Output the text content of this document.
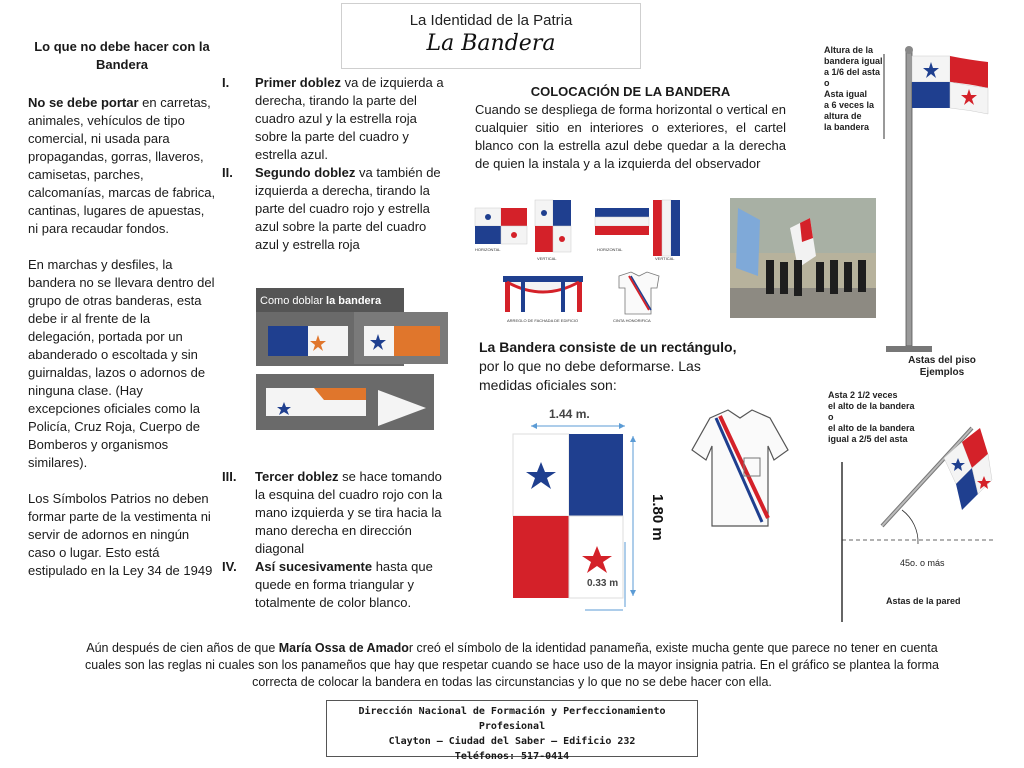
La Identidad de la Patria
La Bandera
Lo que no debe hacer con la Bandera

No se debe portar en carretas, animales, vehículos de tipo comercial, ni usada para propagandas, gorras, llaveros, camisetas, parches, calcomanías, marcas de fabrica, cantinas, lugares de apuestas, ni para recaudar fondos.

En marchas y desfiles, la bandera no se llevara dentro del grupo de otras banderas, esta debe ir al frente de la delegación, portada por un abanderado o escoltada y sin guirnaldas, lazos o adornos de ninguna clase. (Hay excepciones oficiales como la Policía, Cruz Roja, Cuerpo de Bomberos y organismos similares).

Los Símbolos Patrios no deben formar parte de la vestimenta ni servir de adornos en ningún caso o lugar. Esto está estipulado en la Ley 34 de 1949

I. Primer doblez va de izquierda a derecha, tirando la parte del cuadro azul y la estrella roja sobre la parte del cuadro y estrella azul.
II. Segundo doblez va también de izquierda a derecha, tirando la parte del cuadro rojo y estrella azul sobre la parte del cuadro azul y estrella roja
III. Tercer doblez se hace tomando la esquina del cuadro rojo con la mano izquierda y se tira hacia la mano derecha en dirección diagonal
IV. Así sucesivamente hasta que quede en forma triangular y totalmente de color blanco.
Como doblar la bandera
COLOCACIÓN DE LA BANDERA
Cuando se despliega de forma horizontal o vertical en cualquier sitio en interiores o exteriores, el cartel blanco con la estrella azul debe quedar a la derecha de quien la instala y a la izquierda del observador
HORIZONTAL
VERTICAL
HORIZONTAL
VERTICAL
ARREGLO DE FACHADA DE EDIFICIO	CINTA HONORIFICA
La Bandera consiste de un rectángulo, por lo que no debe deformarse. Las medidas oficiales son:
1.44 m.
1.80 m
0.33 m
Altura de la
bandera igual
a 1/6 del asta
o
Asta igual
a 6 veces la
altura de
la bandera
Astas del piso
Ejemplos
Asta 2 1/2 veces
el alto de la bandera
o
el alto de la bandera
igual a 2/5 del asta
45o. o más
Astas de la pared
Aún después de cien años de que María Ossa de Amador creó el símbolo de la identidad panameña, existe mucha gente que parece no tener en cuenta cuales son las reglas ni cuales son los panameños que hay que respetar cuando se hace uso de la mayor insignia patria. En el gráfico se plantea la forma correcta de colocar la bandera en todas las circunstancias y lo que no se debe hacer con ella.
Dirección Nacional de Formación y Perfeccionamiento Profesional
Clayton – Ciudad del Saber – Edificio 232
Teléfonos: 517-0414
